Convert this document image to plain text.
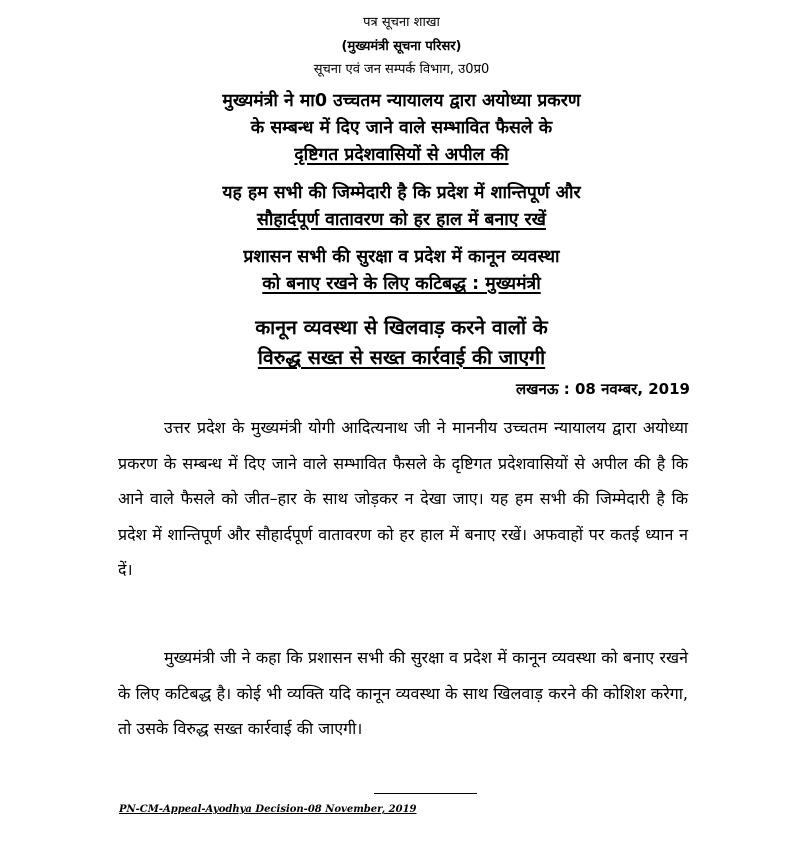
पत्र सूचना शाखा
(मुख्यमंत्री सूचना परिसर)
सूचना एवं जन सम्पर्क विभाग, उ0प्र0
मुख्यमंत्री ने मा0 उच्चतम न्यायालय द्वारा अयोध्या प्रकरण
के सम्बन्ध में दिए जाने वाले सम्भावित फैसले के
दृष्टिगत प्रदेशवासियों से अपील की
यह हम सभी की जिम्मेदारी है कि प्रदेश में शान्तिपूर्ण और
सौहार्दपूर्ण वातावरण को हर हाल में बनाए रखें
प्रशासन सभी की सुरक्षा व प्रदेश में कानून व्यवस्था
को बनाए रखने के लिए कटिबद्ध : मुख्यमंत्री
कानून व्यवस्था से खिलवाड़ करने वालों के
विरुद्ध सख्त से सख्त कार्रवाई की जाएगी
लखनऊ : 08 नवम्बर, 2019

उत्तर प्रदेश के मुख्यमंत्री योगी आदित्यनाथ जी ने माननीय उच्चतम न्यायालय द्वारा अयोध्या प्रकरण के सम्बन्ध में दिए जाने वाले सम्भावित फैसले के दृष्टिगत प्रदेशवासियों से अपील की है कि आने वाले फैसले को जीत–हार के साथ जोड़कर न देखा जाए। यह हम सभी की जिम्मेदारी है कि प्रदेश में शान्तिपूर्ण और सौहार्दपूर्ण वातावरण को हर हाल में बनाए रखें। अफवाहों पर कतई ध्यान न दें।

मुख्यमंत्री जी ने कहा कि प्रशासन सभी की सुरक्षा व प्रदेश में कानून व्यवस्था को बनाए रखने के लिए कटिबद्ध है। कोई भी व्यक्ति यदि कानून व्यवस्था के साथ खिलवाड़ करने की कोशिश करेगा, तो उसके विरुद्ध सख्त कार्रवाई की जाएगी।

PN-CM-Appeal-Ayodhya Decision-08 November, 2019
